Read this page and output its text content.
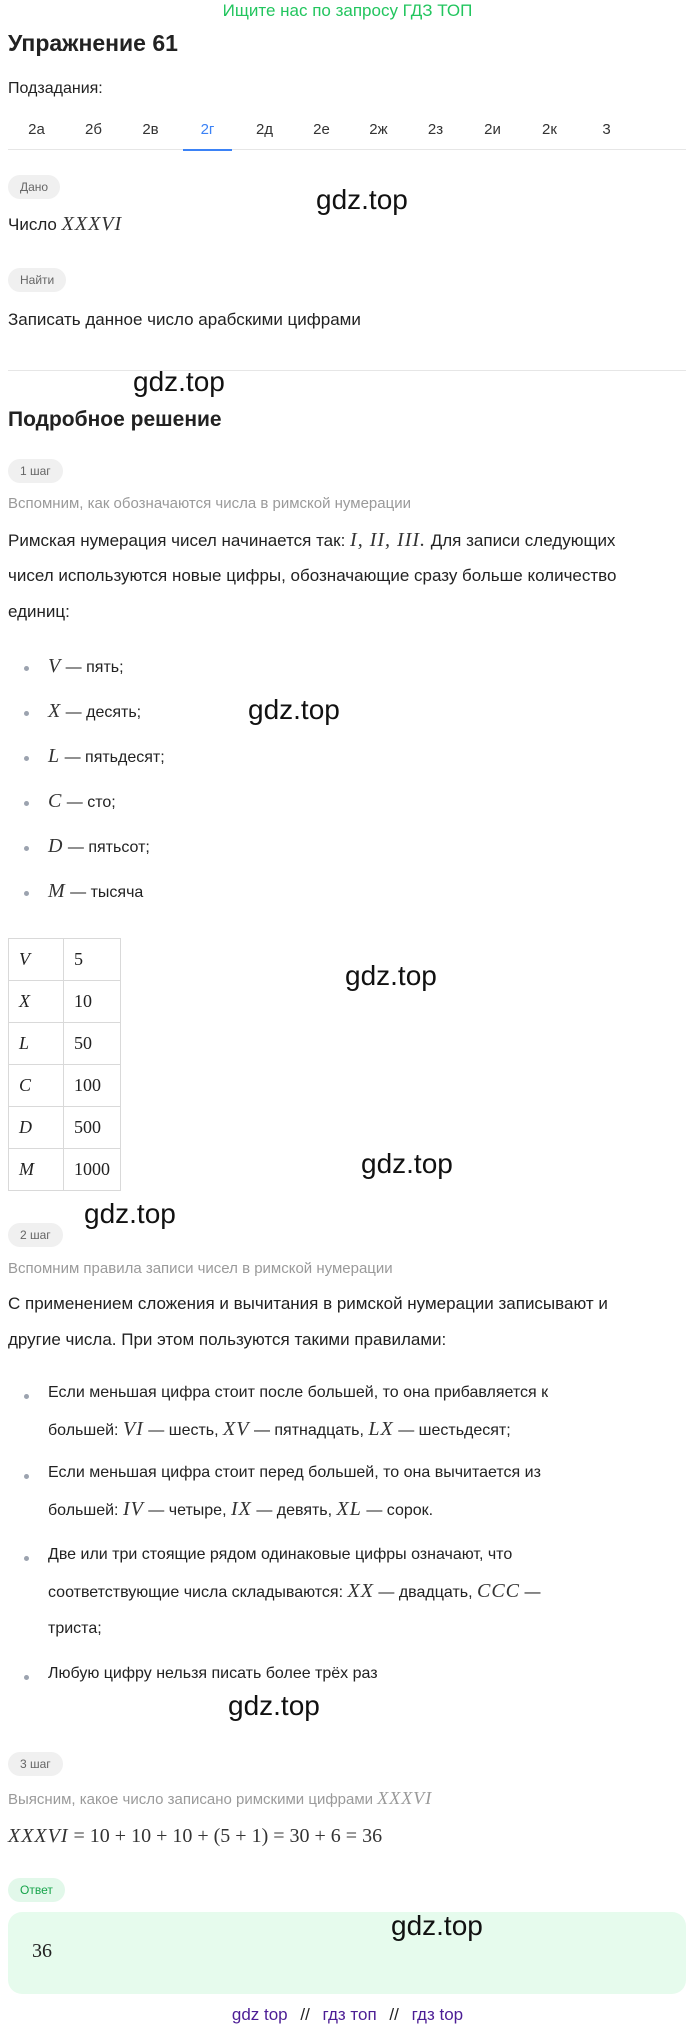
Ищите нас по запросу ГДЗ ТОП
Упражнение 61
Подзадания:
2а	2б	2в	2г	2д	2е	2ж	2з	2и	2к	3
Дано
Число XXXVI
gdz.top
Найти
Записать данное число арабскими цифрами
gdz.top
Подробное решение
1 шаг
Вспомним, как обозначаются числа в римской нумерации
Римская нумерация чисел начинается так: I, II, III. Для записи следующих
чисел используются новые цифры, обозначающие сразу больше количество
единиц:
V — пять;
X — десять;
L — пятьдесят;
C — сто;
D — пятьсот;
M — тысяча
gdz.top
V	5
X	10
L	50
C	100
D	500
M	1000
gdz.top
gdz.top
2 шаг
gdz.top
Вспомним правила записи чисел в римской нумерации
С применением сложения и вычитания в римской нумерации записывают и
другие числа. При этом пользуются такими правилами:
Если меньшая цифра стоит после большей, то она прибавляется к
большей: VI — шесть, XV — пятнадцать, LX — шестьдесят;
Если меньшая цифра стоит перед большей, то она вычитается из
большей: IV — четыре, IX — девять, XL — сорок.
Две или три стоящие рядом одинаковые цифры означают, что
соответствующие числа складываются: XX — двадцать, CCC —
триста;
Любую цифру нельзя писать более трёх раз
gdz.top
3 шаг
Выясним, какое число записано римскими цифрами XXXVI
XXXVI = 10 + 10 + 10 + (5 + 1) = 30 + 6 = 36
Ответ
36
gdz.top
gdz top // гдз топ // гдз top
